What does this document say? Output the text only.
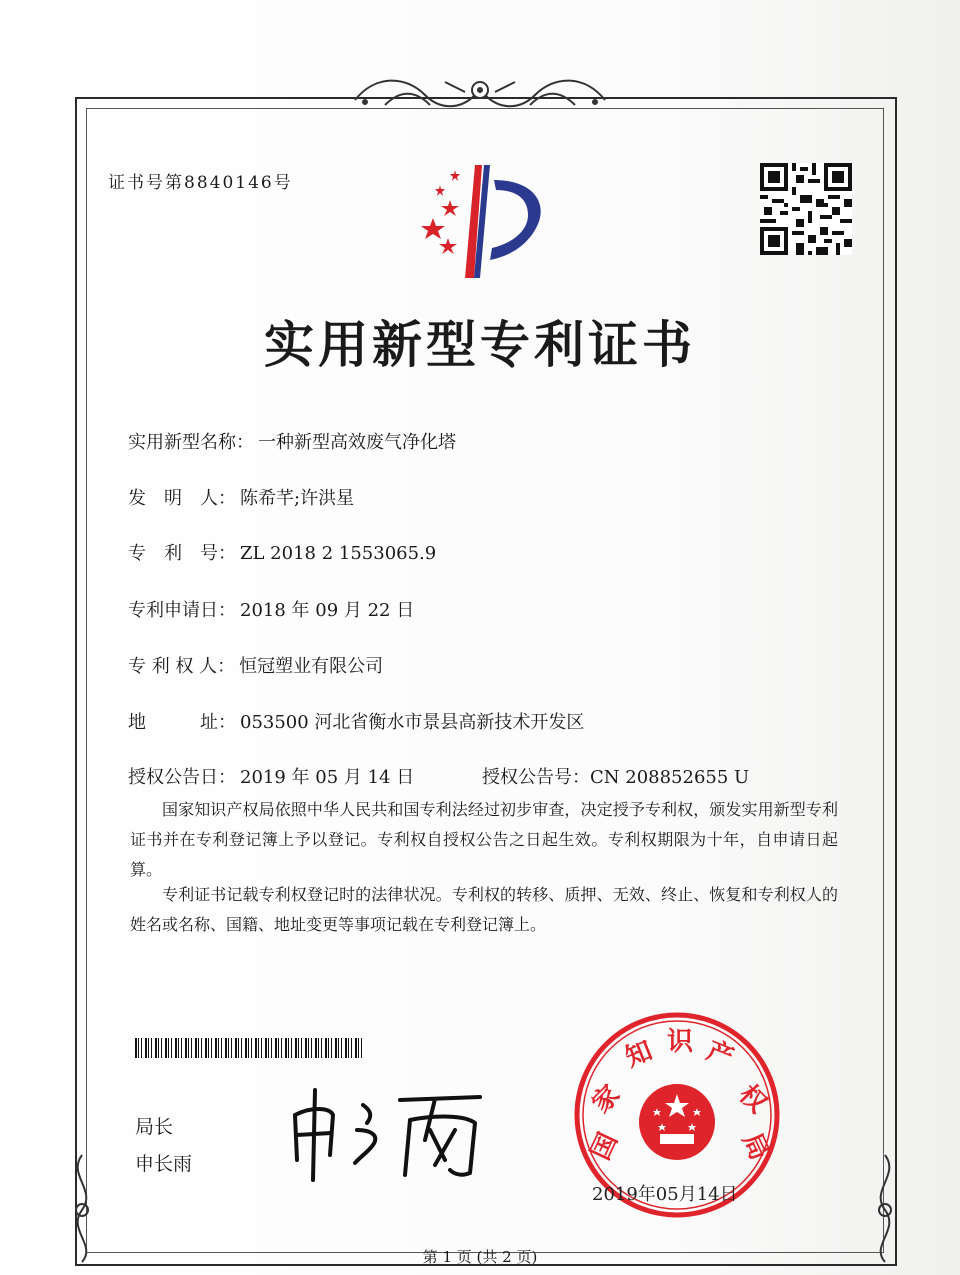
证书号第8840146号
实用新型专利证书
实用新型名称： 一种新型高效废气净化塔
发　明　人： 陈希芊;许洪星
专　利　号： ZL 2018 2 1553065.9
专利申请日： 2018 年 09 月 22 日
专 利 权 人： 恒冠塑业有限公司
地　　　址： 053500 河北省衡水市景县高新技术开发区
授权公告日： 2019 年 05 月 14 日	授权公告号：CN 208852655 U
国家知识产权局依照中华人民共和国专利法经过初步审查，决定授予专利权，颁发实用新型专利证书并在专利登记簿上予以登记。专利权自授权公告之日起生效。专利权期限为十年，自申请日起算。
专利证书记载专利权登记时的法律状况。专利权的转移、质押、无效、终止、恢复和专利权人的姓名或名称、国籍、地址变更等事项记载在专利登记簿上。
局长
申长雨	国
家
知 识 产
权
局
2019年05月14日
第 1 页 (共 2 页)
